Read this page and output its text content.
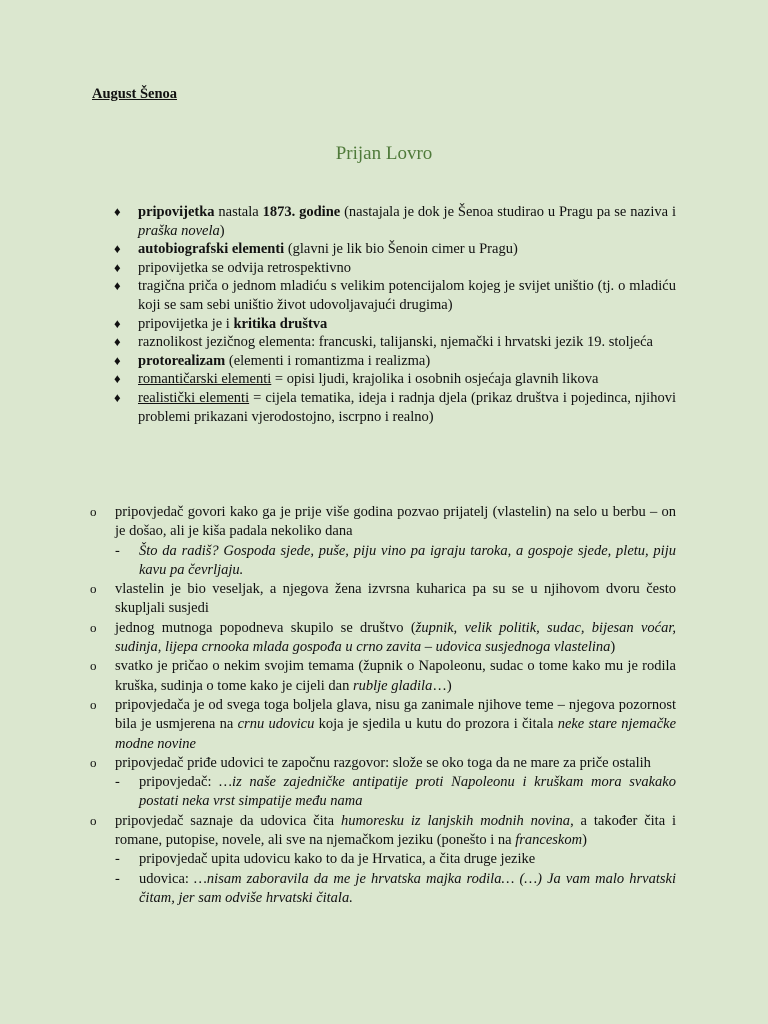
August Šenoa
Prijan Lovro
♦ pripovijetka nastala 1873. godine (nastajala je dok je Šenoa studirao u Pragu pa se naziva i praška novela)
♦ autobiografski elementi (glavni je lik bio Šenoin cimer u Pragu)
♦ pripovijetka se odvija retrospektivno
♦ tragična priča o jednom mladiću s velikim potencijalom kojeg je svijet uništio (tj. o mladiću koji se sam sebi uništio život udovoljavajući drugima)
♦ pripovijetka je i kritika društva
♦ raznolikost jezičnog elementa: francuski, talijanski, njemački i hrvatski jezik 19. stoljeća
♦ protorealizam (elementi i romantizma i realizma)
♦ romantičarski elementi = opisi ljudi, krajolika i osobnih osjećaja glavnih likova
♦ realistički elementi = cijela tematika, ideja i radnja djela (prikaz društva i pojedinca, njihovi problemi prikazani vjerodostojno, iscrpno i realno)
o pripovjedač govori kako ga je prije više godina pozvao prijatelj (vlastelin) na selo u berbu – on je došao, ali je kiša padala nekoliko dana
- Što da radiš? Gospoda sjede, puše, piju vino pa igraju taroka, a gospoje sjede, pletu, piju kavu pa čevrljaju.
o vlastelin je bio veseljak, a njegova žena izvrsna kuharica pa su se u njihovom dvoru često skupljali susjedi
o jednog mutnoga popodneva skupilo se društvo (župnik, velik politik, sudac, bijesan voćar, sudinja, lijepa crnooka mlada gospođa u crno zavita – udovica susjednoga vlastelina)
o svatko je pričao o nekim svojim temama (župnik o Napoleonu, sudac o tome kako mu je rodila kruška, sudinja o tome kako je cijeli dan rublje gladila…)
o pripovjedača je od svega toga boljela glava, nisu ga zanimale njihove teme – njegova pozornost bila je usmjerena na crnu udovicu koja je sjedila u kutu do prozora i čitala neke stare njemačke modne novine
o pripovjedač priđe udovici te započnu razgovor: slože se oko toga da ne mare za priče ostalih
- pripovjedač: …iz naše zajedničke antipatije proti Napoleonu i kruškam mora svakako postati neka vrst simpatije među nama
o pripovjedač saznaje da udovica čita humoresku iz lanjskih modnih novina, a također čita i romane, putopise, novele, ali sve na njemačkom jeziku (ponešto i na franceskom)
- pripovjedač upita udovicu kako to da je Hrvatica, a čita druge jezike
- udovica: …nisam zaboravila da me je hrvatska majka rodila… (…) Ja vam malo hrvatski čitam, jer sam odviše hrvatski čitala.
